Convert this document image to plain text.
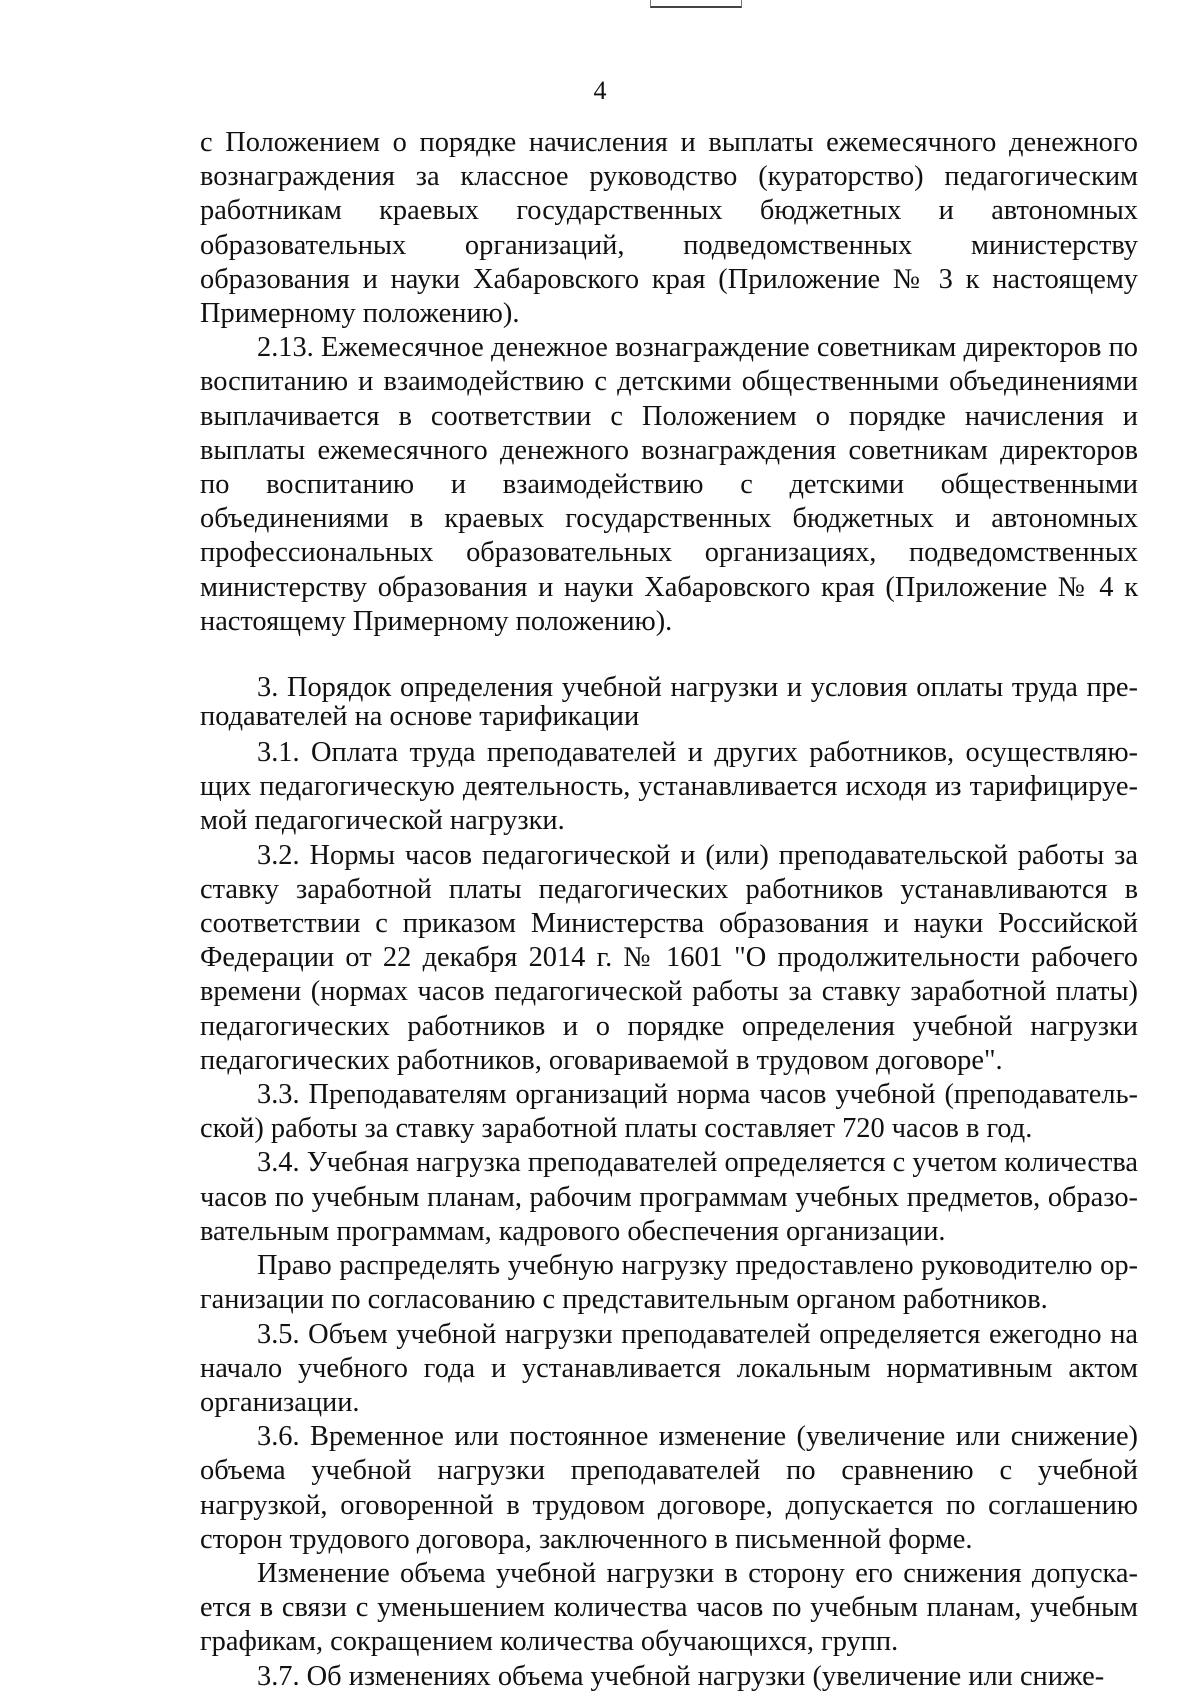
4

с Положением о порядке начисления и выплаты ежемесячного денежного вознаграждения за классное руководство (кураторство) педагогическим работникам краевых государственных бюджетных и автономных образовательных организаций, подведомственных министерству образования и науки Хабаровского края (Приложение № 3 к настоящему Примерному положению).

2.13. Ежемесячное денежное вознаграждение советникам директоров по воспитанию и взаимодействию с детскими общественными объединениями выплачивается в соответствии с Положением о порядке начисления и выплаты ежемесячного денежного вознаграждения советникам директоров по воспитанию и взаимодействию с детскими общественными объединениями в краевых государственных бюджетных и автономных профессиональных образовательных организациях, подведомственных министерству образования и науки Хабаровского края (Приложение № 4 к настоящему Примерному положению).

3. Порядок определения учебной нагрузки и условия оплаты труда преподавателей на основе тарификации

3.1. Оплата труда преподавателей и других работников, осуществляющих педагогическую деятельность, устанавливается исходя из тарифицируемой педагогической нагрузки.

3.2. Нормы часов педагогической и (или) преподавательской работы за ставку заработной платы педагогических работников устанавливаются в соответствии с приказом Министерства образования и науки Российской Федерации от 22 декабря 2014 г. № 1601 "О продолжительности рабочего времени (нормах часов педагогической работы за ставку заработной платы) педагогических работников и о порядке определения учебной нагрузки педагогических работников, оговариваемой в трудовом договоре".

3.3. Преподавателям организаций норма часов учебной (преподавательской) работы за ставку заработной платы составляет 720 часов в год.

3.4. Учебная нагрузка преподавателей определяется с учетом количества часов по учебным планам, рабочим программам учебных предметов, образовательным программам, кадрового обеспечения организации.

Право распределять учебную нагрузку предоставлено руководителю организации по согласованию с представительным органом работников.

3.5. Объем учебной нагрузки преподавателей определяется ежегодно на начало учебного года и устанавливается локальным нормативным актом организации.

3.6. Временное или постоянное изменение (увеличение или снижение) объема учебной нагрузки преподавателей по сравнению с учебной нагрузкой, оговоренной в трудовом договоре, допускается по соглашению сторон трудового договора, заключенного в письменной форме.

Изменение объема учебной нагрузки в сторону его снижения допускается в связи с уменьшением количества часов по учебным планам, учебным графикам, сокращением количества обучающихся, групп.

3.7. Об изменениях объема учебной нагрузки (увеличение или сниже-
